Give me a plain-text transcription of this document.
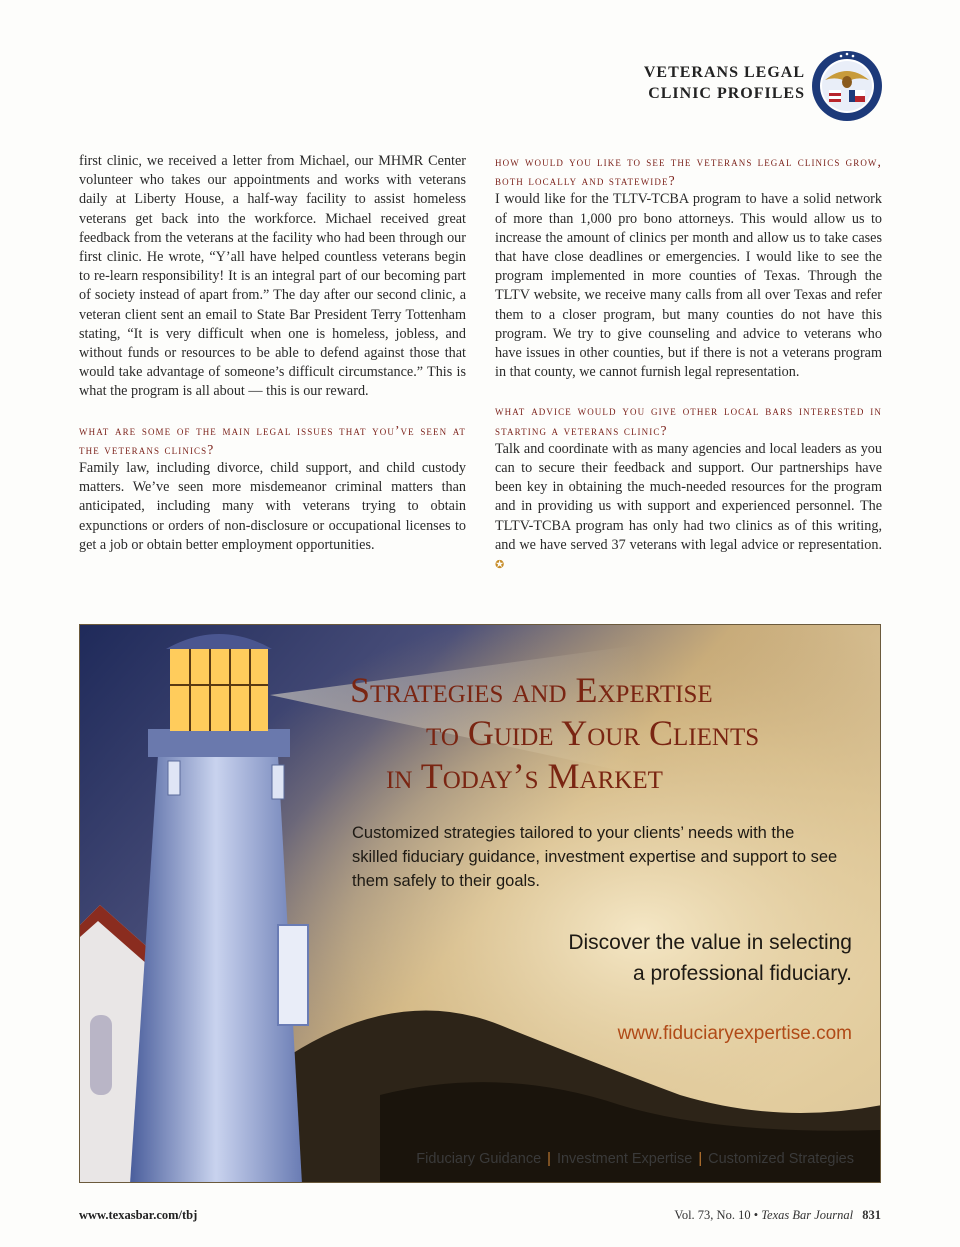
VETERANS LEGAL
CLINIC PROFILES

first clinic, we received a letter from Michael, our MHMR Center volunteer who takes our appointments and works with veterans daily at Liberty House, a half-way facility to assist homeless veterans get back into the workforce. Michael received great feedback from the veterans at the facility who had been through our first clinic. He wrote, “Y’all have helped countless veterans begin to re-learn responsibility! It is an integral part of our becoming part of society instead of apart from.” The day after our second clinic, a veteran client sent an email to State Bar President Terry Tottenham stating, “It is very difficult when one is homeless, jobless, and without funds or resources to be able to defend against those that would take advantage of someone’s difficult circumstance.” This is what the program is all about — this is our reward.

what are some of the main legal issues that you’ve seen at the veterans clinics?

Family law, including divorce, child support, and child custody matters. We’ve seen more misdemeanor criminal matters than anticipated, including many with veterans trying to obtain expunctions or orders of non-disclosure or occupational licenses to get a job or obtain better employment opportunities.

how would you like to see the veterans legal clinics grow, both locally and statewide?

I would like for the TLTV-TCBA program to have a solid network of more than 1,000 pro bono attorneys. This would allow us to increase the amount of clinics per month and allow us to take cases that have close deadlines or emergencies. I would like to see the program implemented in more counties of Texas. Through the TLTV website, we receive many calls from all over Texas and refer them to a closer program, but many counties do not have this program. We try to give counseling and advice to veterans who have issues in other counties, but if there is not a veterans program in that county, we cannot furnish legal representation.

what advice would you give other local bars interested in starting a veterans clinic?

Talk and coordinate with as many agencies and local leaders as you can to secure their feedback and support. Our partnerships have been key in obtaining the much-needed resources for the program and in providing us with support and experienced personnel. The TLTV-TCBA program has only had two clinics as of this writing, and we have served 37 veterans with legal advice or representation. ✪

Strategies and Expertise
to Guide Your Clients
in Today’s Market
Customized strategies tailored to your clients’ needs with the skilled fiduciary guidance, investment expertise and support to see them safely to their goals.
Discover the value in selecting
a professional fiduciary.
www.fiduciaryexpertise.com
Fiduciary Guidance | Investment Expertise | Customized Strategies
www.texasbar.com/tbj	Vol. 73, No. 10 • Texas Bar Journal 831
